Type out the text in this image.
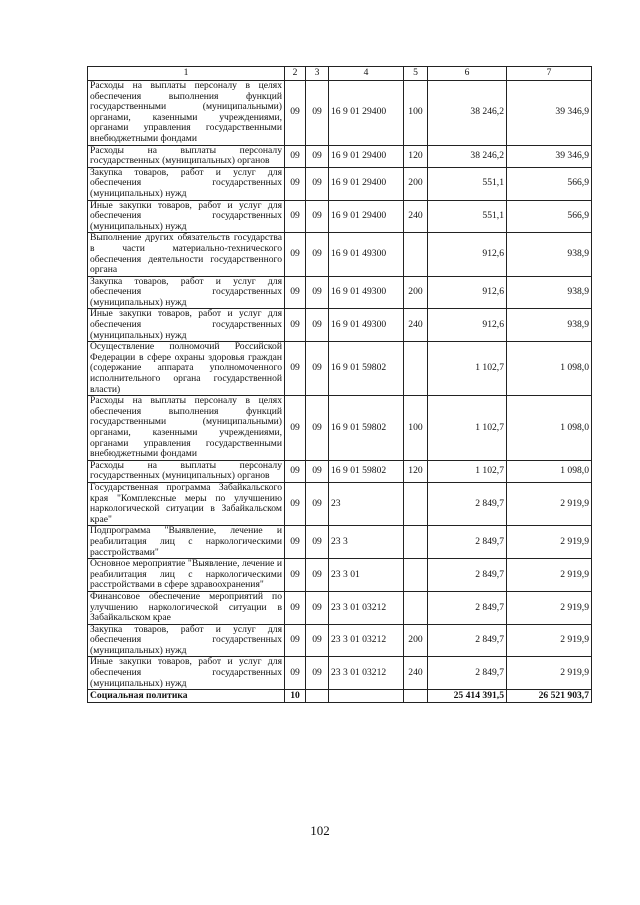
1	2	3	4	5	6	7
Расходы на выплаты персоналу в целях обеспечения выполнения функций государственными (муниципальными) органами, казенными учреждениями, органами управления государственными внебюджетными фондами	09	09	16 9 01 29400	100	38 246,2	39 346,9
Расходы на выплаты персоналу государственных (муниципальных) органов	09	09	16 9 01 29400	120	38 246,2	39 346,9
Закупка товаров, работ и услуг для обеспечения государственных (муниципальных) нужд	09	09	16 9 01 29400	200	551,1	566,9
Иные закупки товаров, работ и услуг для обеспечения государственных (муниципальных) нужд	09	09	16 9 01 29400	240	551,1	566,9
Выполнение других обязательств государства в части материально-технического обеспечения деятельности государственного органа	09	09	16 9 01 49300		912,6	938,9
Закупка товаров, работ и услуг для обеспечения государственных (муниципальных) нужд	09	09	16 9 01 49300	200	912,6	938,9
Иные закупки товаров, работ и услуг для обеспечения государственных (муниципальных) нужд	09	09	16 9 01 49300	240	912,6	938,9
Осуществление полномочий Российской Федерации в сфере охраны здоровья граждан (содержание аппарата уполномоченного исполнительного органа государственной власти)	09	09	16 9 01 59802		1 102,7	1 098,0
Расходы на выплаты персоналу в целях обеспечения выполнения функций государственными (муниципальными) органами, казенными учреждениями, органами управления государственными внебюджетными фондами	09	09	16 9 01 59802	100	1 102,7	1 098,0
Расходы на выплаты персоналу государственных (муниципальных) органов	09	09	16 9 01 59802	120	1 102,7	1 098,0
Государственная программа Забайкальского края "Комплексные меры по улучшению наркологической ситуации в Забайкальском крае"	09	09	23		2 849,7	2 919,9
Подпрограмма "Выявление, лечение и реабилитация лиц с наркологическими расстройствами"	09	09	23 3		2 849,7	2 919,9
Основное мероприятие "Выявление, лечение и реабилитация лиц с наркологическими расстройствами в сфере здравоохранения"	09	09	23 3 01		2 849,7	2 919,9
Финансовое обеспечение мероприятий по улучшению наркологической ситуации в Забайкальском крае	09	09	23 3 01 03212		2 849,7	2 919,9
Закупка товаров, работ и услуг для обеспечения государственных (муниципальных) нужд	09	09	23 3 01 03212	200	2 849,7	2 919,9
Иные закупки товаров, работ и услуг для обеспечения государственных (муниципальных) нужд	09	09	23 3 01 03212	240	2 849,7	2 919,9
Социальная политика	10				25 414 391,5	26 521 903,7
102
